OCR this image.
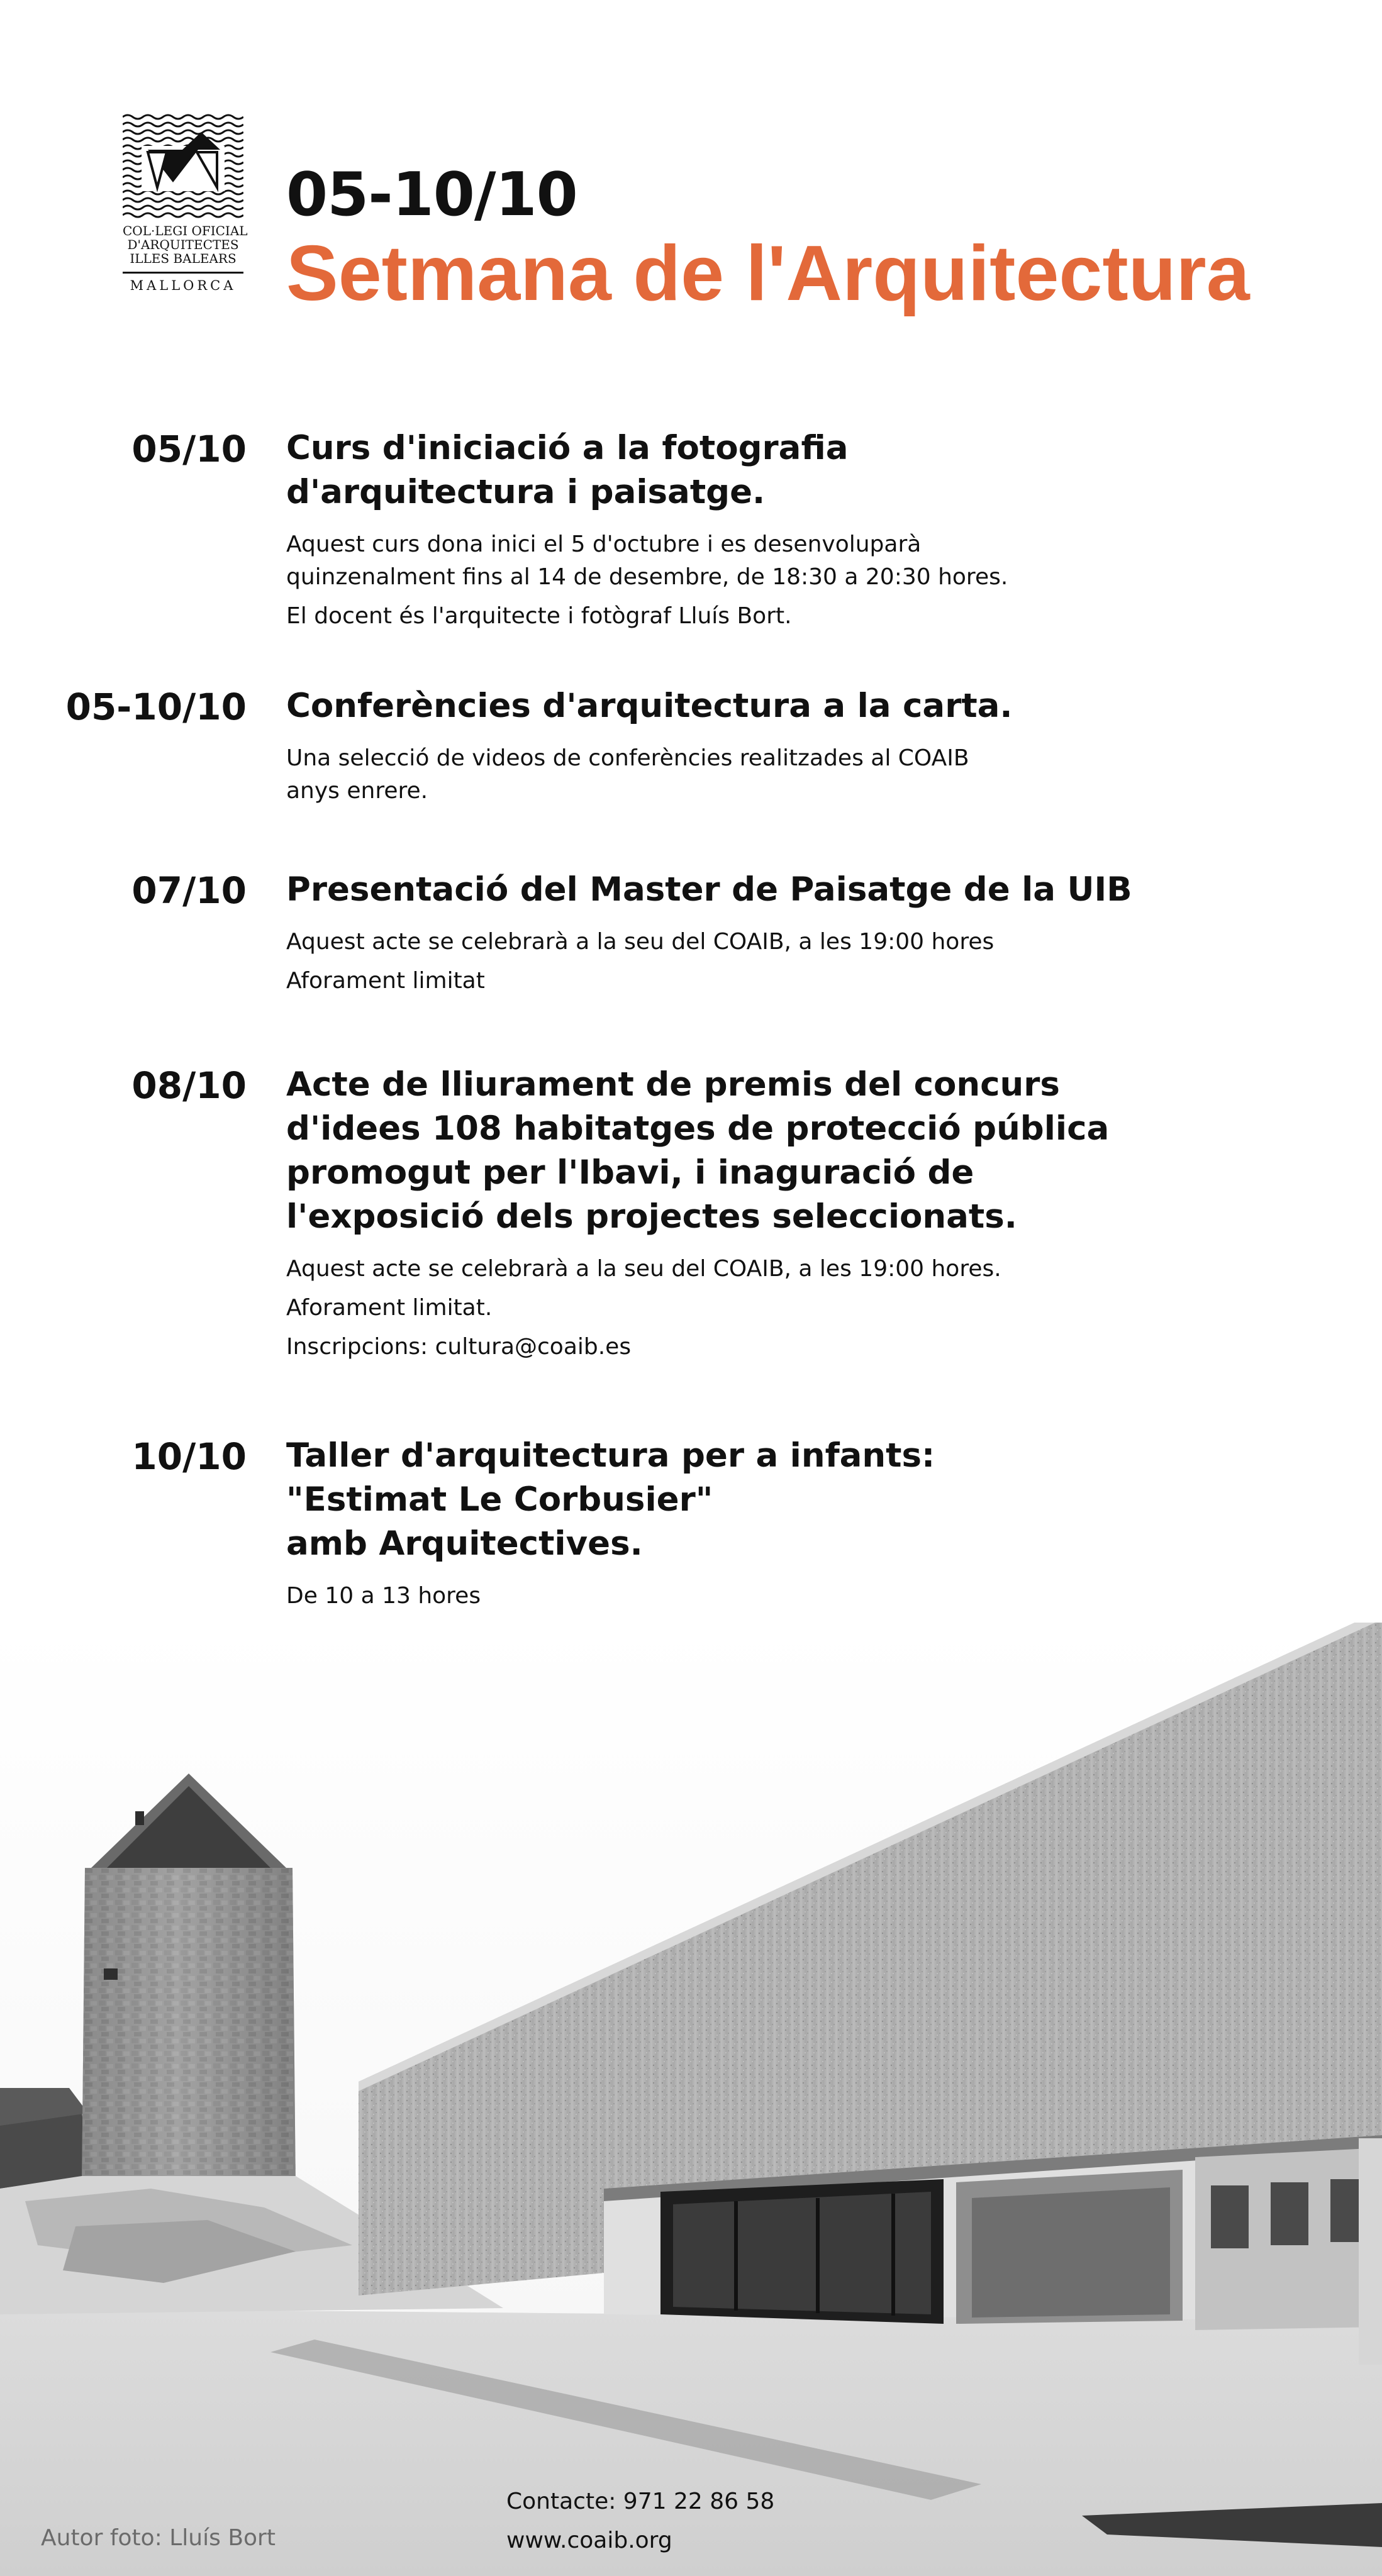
COL·LEGI OFICIAL
D'ARQUITECTES
ILLES BALEARS
MALLORCA
05-10/10
Setmana de l'Arquitectura
05/10 Curs d'iniciació a la fotografia
d'arquitectura i paisatge.
Aquest curs dona inici el 5 d'octubre i es desenvoluparà
quinzenalment fins al 14 de desembre, de 18:30 a 20:30 hores.
El docent és l'arquitecte i fotògraf Lluís Bort.
05-10/10 Conferències d'arquitectura a la carta.
Una selecció de videos de conferències realitzades al COAIB
anys enrere.
07/10 Presentació del Master de Paisatge de la UIB
Aquest acte se celebrarà a la seu del COAIB, a les 19:00 hores
Aforament limitat
08/10 Acte de lliurament de premis del concurs
d'idees 108 habitatges de protecció pública
promogut per l'Ibavi, i inaguració de
l'exposició dels projectes seleccionats.
Aquest acte se celebrarà a la seu del COAIB, a les 19:00 hores.
Aforament limitat.
Inscripcions: cultura@coaib.es
10/10 Taller d'arquitectura per a infants:
"Estimat Le Corbusier"
amb Arquitectives.
De 10 a 13 hores
Autor foto: Lluís Bort
Contacte: 971 22 86 58
www.coaib.org
